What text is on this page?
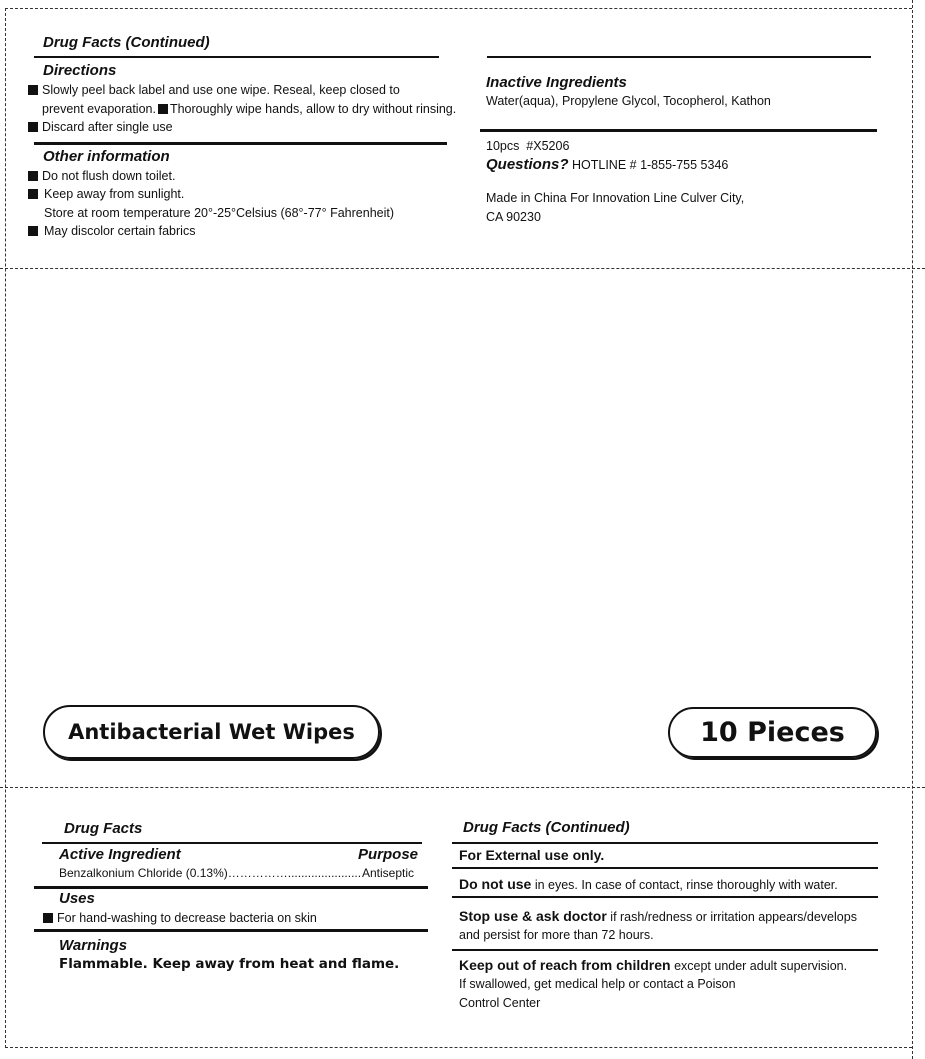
Drug Facts (Continued)
Directions
Slowly peel back label and use one wipe. Reseal, keep closed to
prevent evaporation. Thoroughly wipe hands, allow to dry without rinsing.
Discard after single use
Other information
Do not flush down toilet.
Keep away from sunlight.
Store at room temperature 20°-25°Celsius (68°-77° Fahrenheit)
May discolor certain fabrics
Inactive Ingredients
Water(aqua), Propylene Glycol, Tocopherol, Kathon
10pcs  #X5206
Questions? HOTLINE # 1-855-755 5346
Made in China For Innovation Line Culver City,
CA 90230
Antibacterial Wet Wipes	10 Pieces
Drug Facts
Active Ingredient	Purpose
Benzalkonium Chloride (0.13%)……………...................... Antiseptic
Uses
For hand-washing to decrease bacteria on skin
Warnings
Flammable. Keep away from heat and flame.
Drug Facts (Continued)
For External use only.
Do not use in eyes. In case of contact, rinse thoroughly with water.
Stop use & ask doctor if rash/redness or irritation appears/develops
and persist for more than 72 hours.
Keep out of reach from children except under adult supervision.
If swallowed, get medical help or contact a Poison
Control Center
